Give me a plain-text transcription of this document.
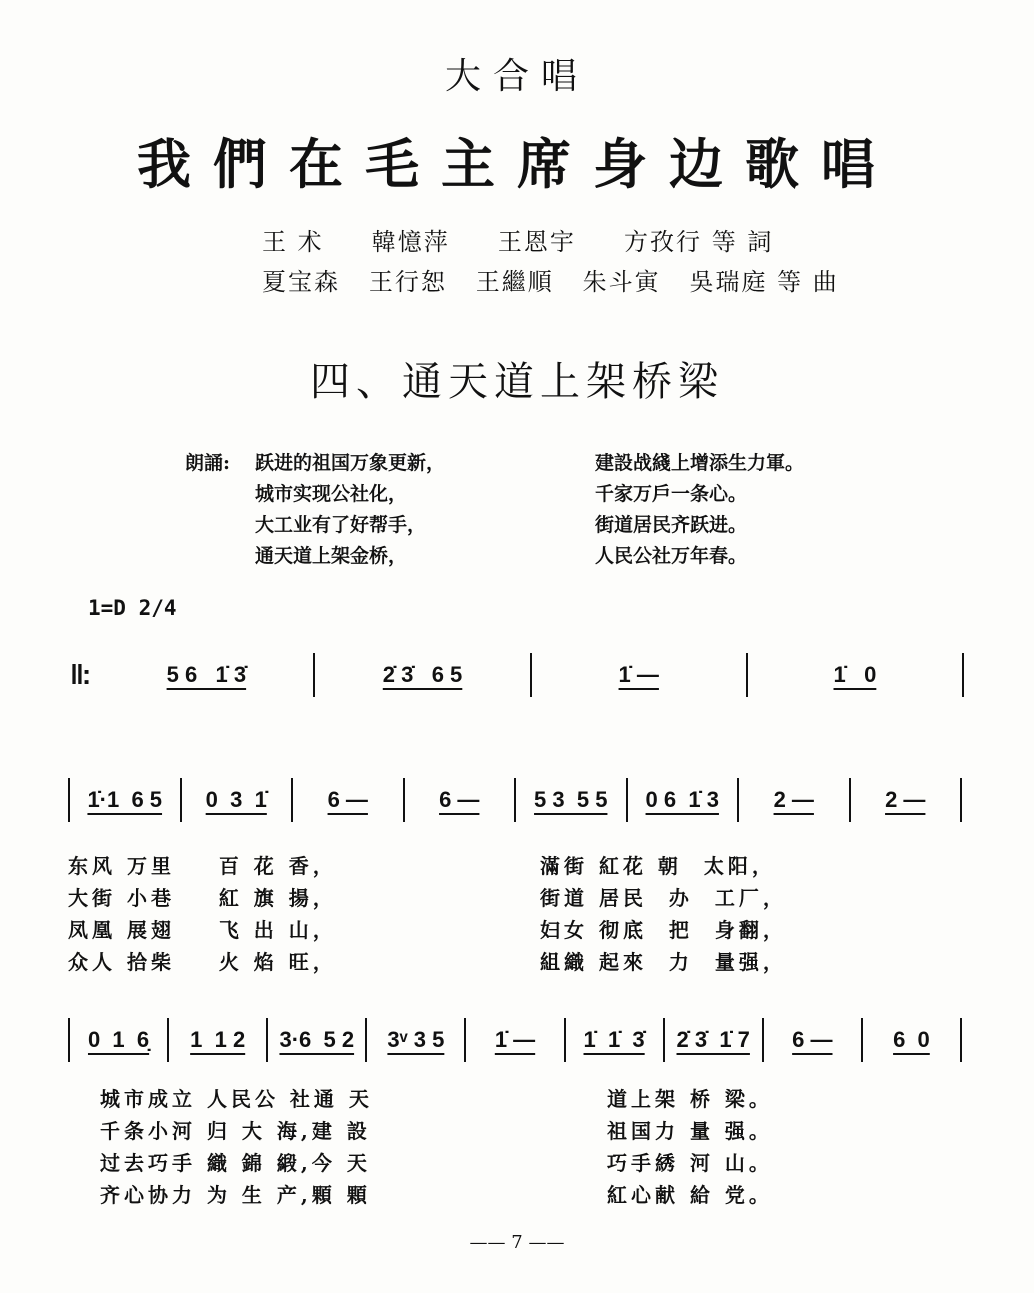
大合唱
我們在毛主席身边歌唱
王 术     韓憶萍     王恩宇     方孜行 等 詞
夏宝森   王行恕   王繼順   朱斗寅   吳瑞庭 等 曲
四、通天道上架桥梁
朗誦: 跃进的祖国万象更新，
城市实现公社化，
大工业有了好帮手，
通天道上架金桥，
建設战綫上增添生力軍。
千家万戶一条心。
街道居民齐跃进。
人民公社万年春。
1=D 2/4
‖:	5 6   1̇ 3̇	2̇ 3̇   6 5	1̇ —	1̇   0
1̇·1  6 5 0  3  1̇	6 —	6 — 5 3  5 5 0 6  1̇ 3 2 —	2 —
东风 万里    百 花 香，	滿街 紅花 朝  太阳，
大街 小巷    紅 旗 揚，	街道 居民  办  工厂，
凤凰 展翅    飞 出 山，	妇女 彻底  把  身翻，
众人 拾柴    火 焰 旺，	組織 起來  力  量强，
0  1  6̣ 1  1 2 3·6  5 2 3ᵛ 3 5 1̇ — 1̇  1̇  3̇ 2̇ 3̇  1̇ 7 6 —	6  0
城市成立 人民公 社通 天	道上架 桥 梁。
千条小河 归 大 海,建 設	祖国力 量 强。
过去巧手 織 錦 緞,今 天	巧手綉 河 山。
齐心协力 为 生 产,顆 顆	紅心献 給 党。
—— 7 ——
